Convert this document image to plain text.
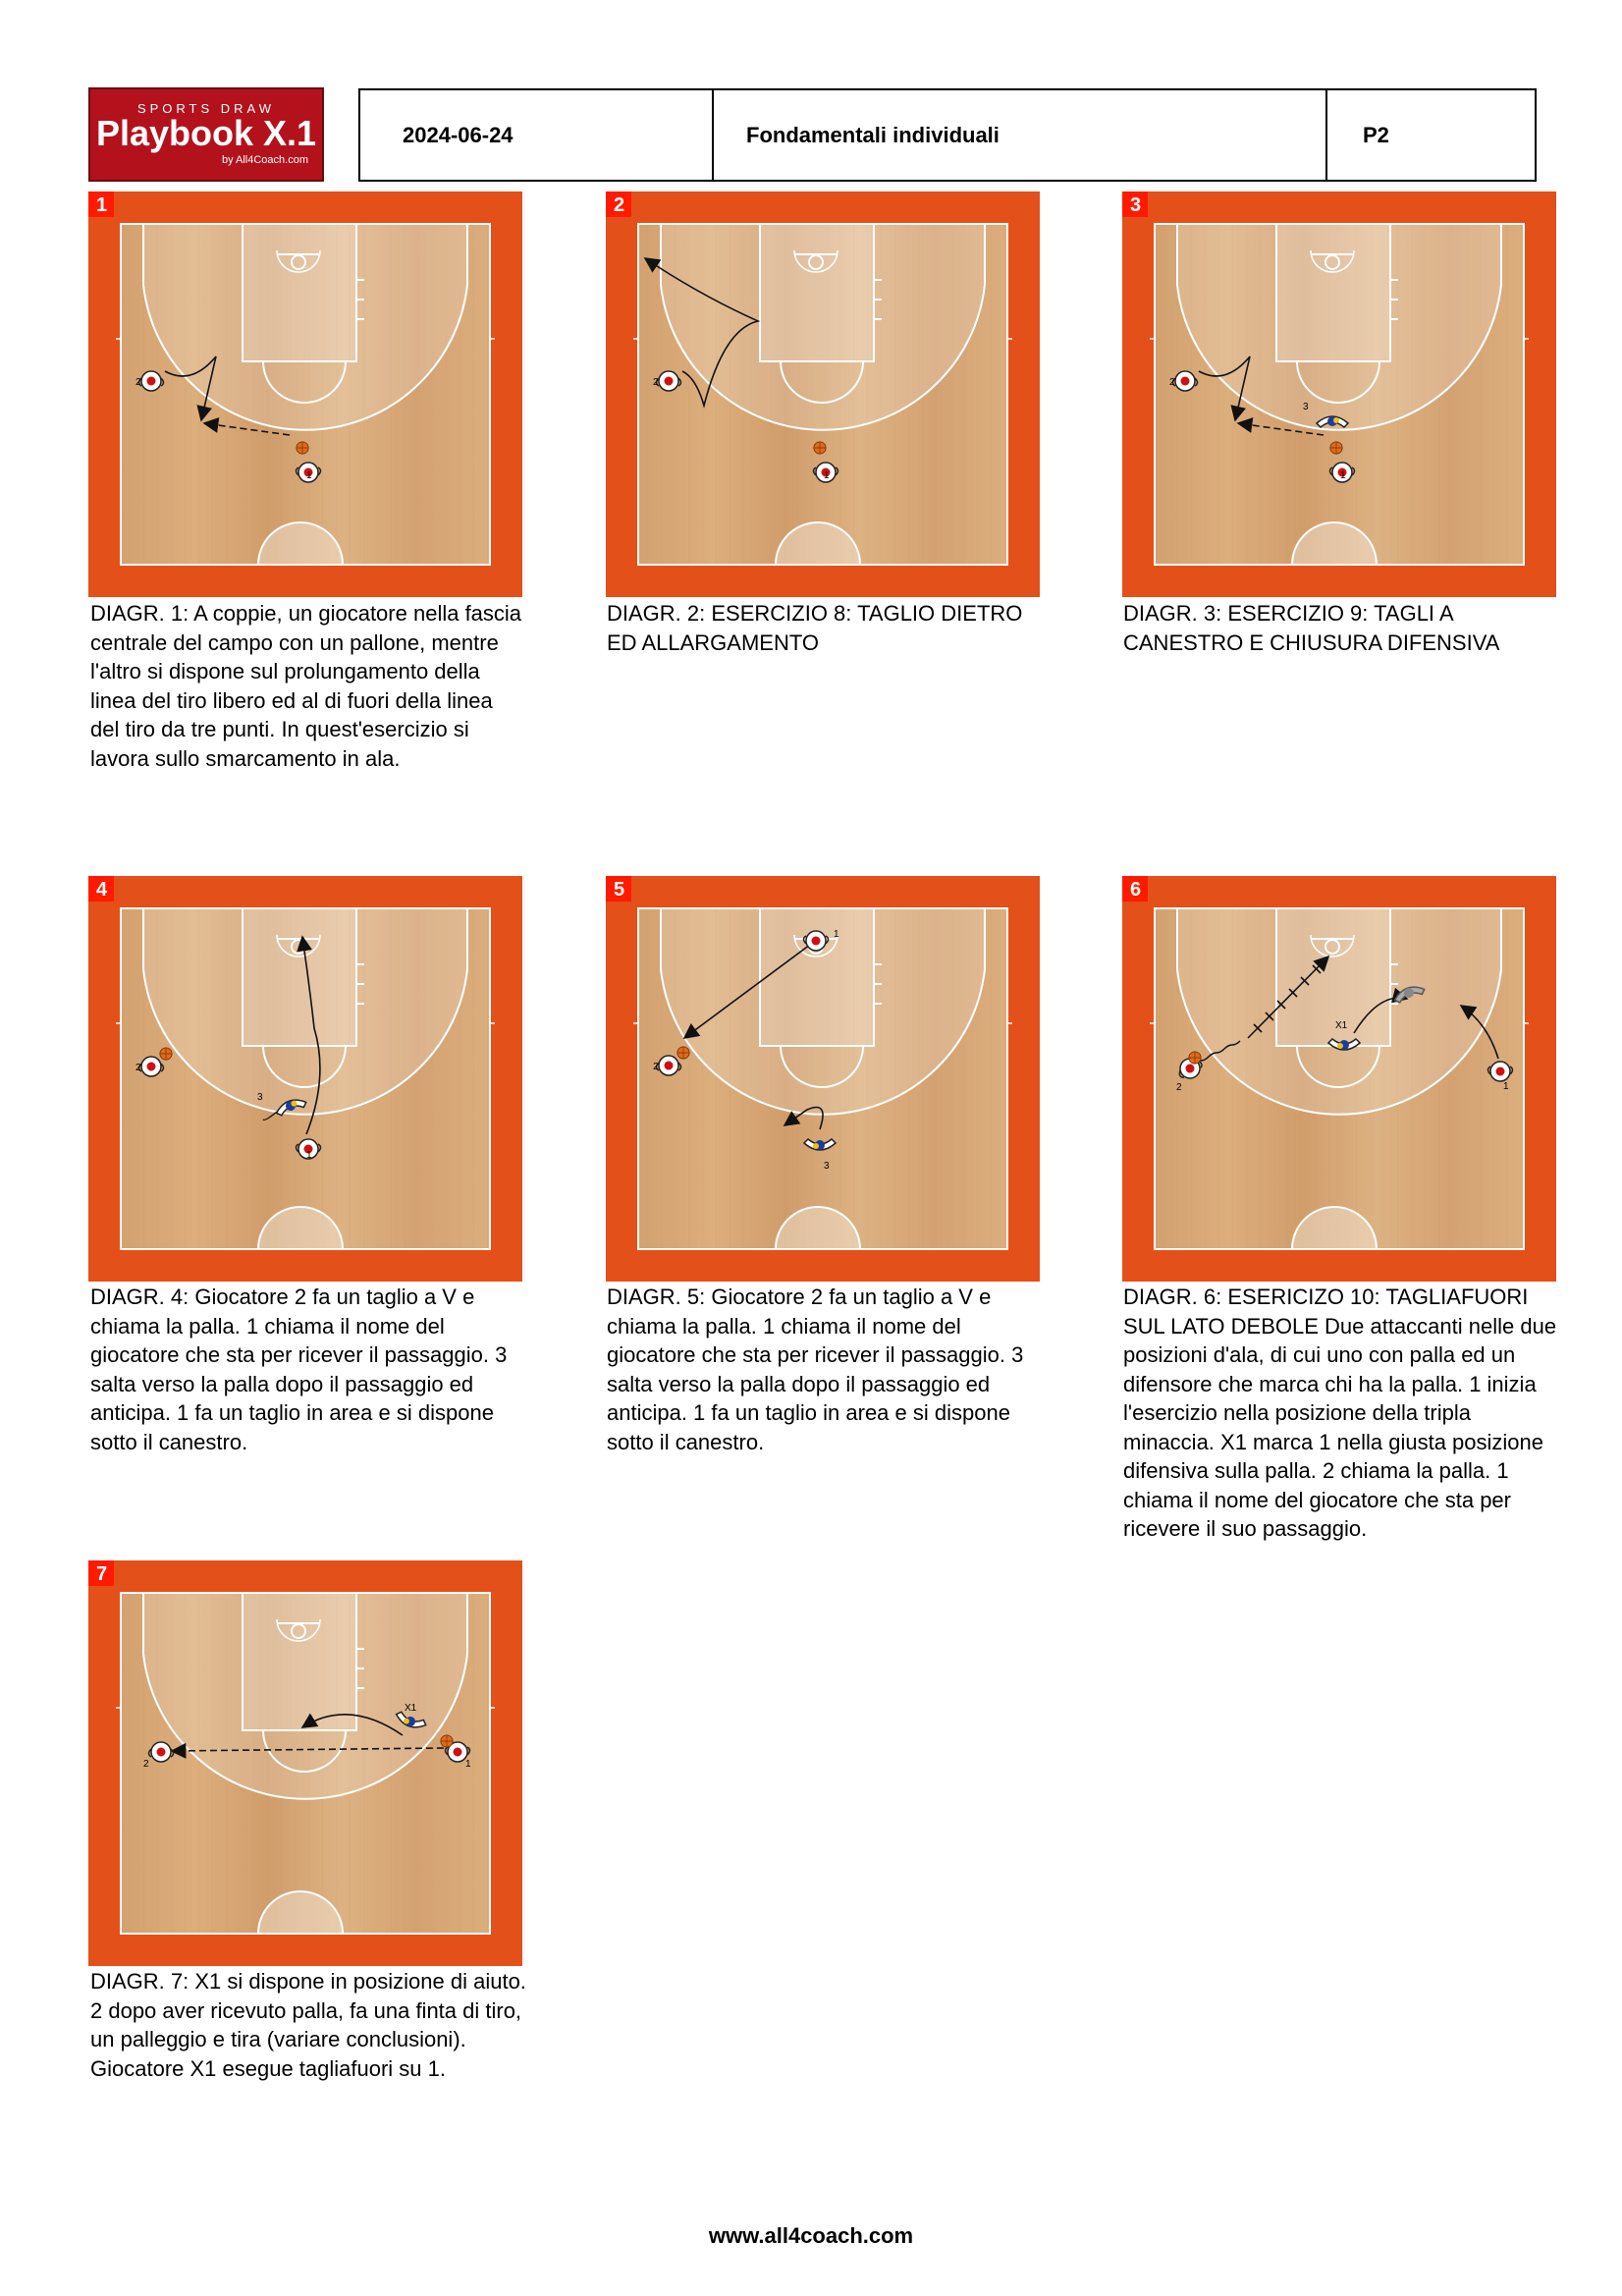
SPORTS DRAW
Playbook X.1
by All4Coach.com
2024-06-24	Fondamentali individuali	P2
1
2
1
DIAGR. 1: A coppie, un giocatore nella fascia centrale del campo con un pallone, mentre l'altro si dispone sul prolungamento della linea del tiro libero ed al di fuori della linea del tiro da tre punti. In quest'esercizio si lavora sullo smarcamento in ala.
2
2
1
DIAGR. 2: ESERCIZIO 8: TAGLIO DIETRO ED ALLARGAMENTO
3
2
3
1
DIAGR. 3: ESERCIZIO 9: TAGLI A CANESTRO E CHIUSURA DIFENSIVA
4
2
3
1
DIAGR. 4: Giocatore 2 fa un taglio a V e chiama la palla. 1 chiama il nome del giocatore che sta per ricever il passaggio. 3 salta verso la palla dopo il passaggio ed anticipa. 1 fa un taglio in area e si dispone sotto il canestro.
5
1
2
3
DIAGR. 5: Giocatore 2 fa un taglio a V e chiama la palla. 1 chiama il nome del giocatore che sta per ricever il passaggio. 3 salta verso la palla dopo il passaggio ed anticipa. 1 fa un taglio in area e si dispone sotto il canestro.
6
2
X1
1
DIAGR. 6: ESERICIZO 10: TAGLIAFUORI SUL LATO DEBOLE Due attaccanti nelle due posizioni d'ala, di cui uno con palla ed un difensore che marca chi ha la palla. 1 inizia l'esercizio nella posizione della tripla minaccia. X1 marca 1 nella giusta posizione difensiva sulla palla. 2 chiama la palla. 1 chiama il nome del giocatore che sta per ricevere il suo passaggio.
7
2
X1
1
DIAGR. 7: X1 si dispone in posizione di aiuto. 2 dopo aver ricevuto palla, fa una finta di tiro, un palleggio e tira (variare conclusioni). Giocatore X1 esegue tagliafuori su 1.
www.all4coach.com
